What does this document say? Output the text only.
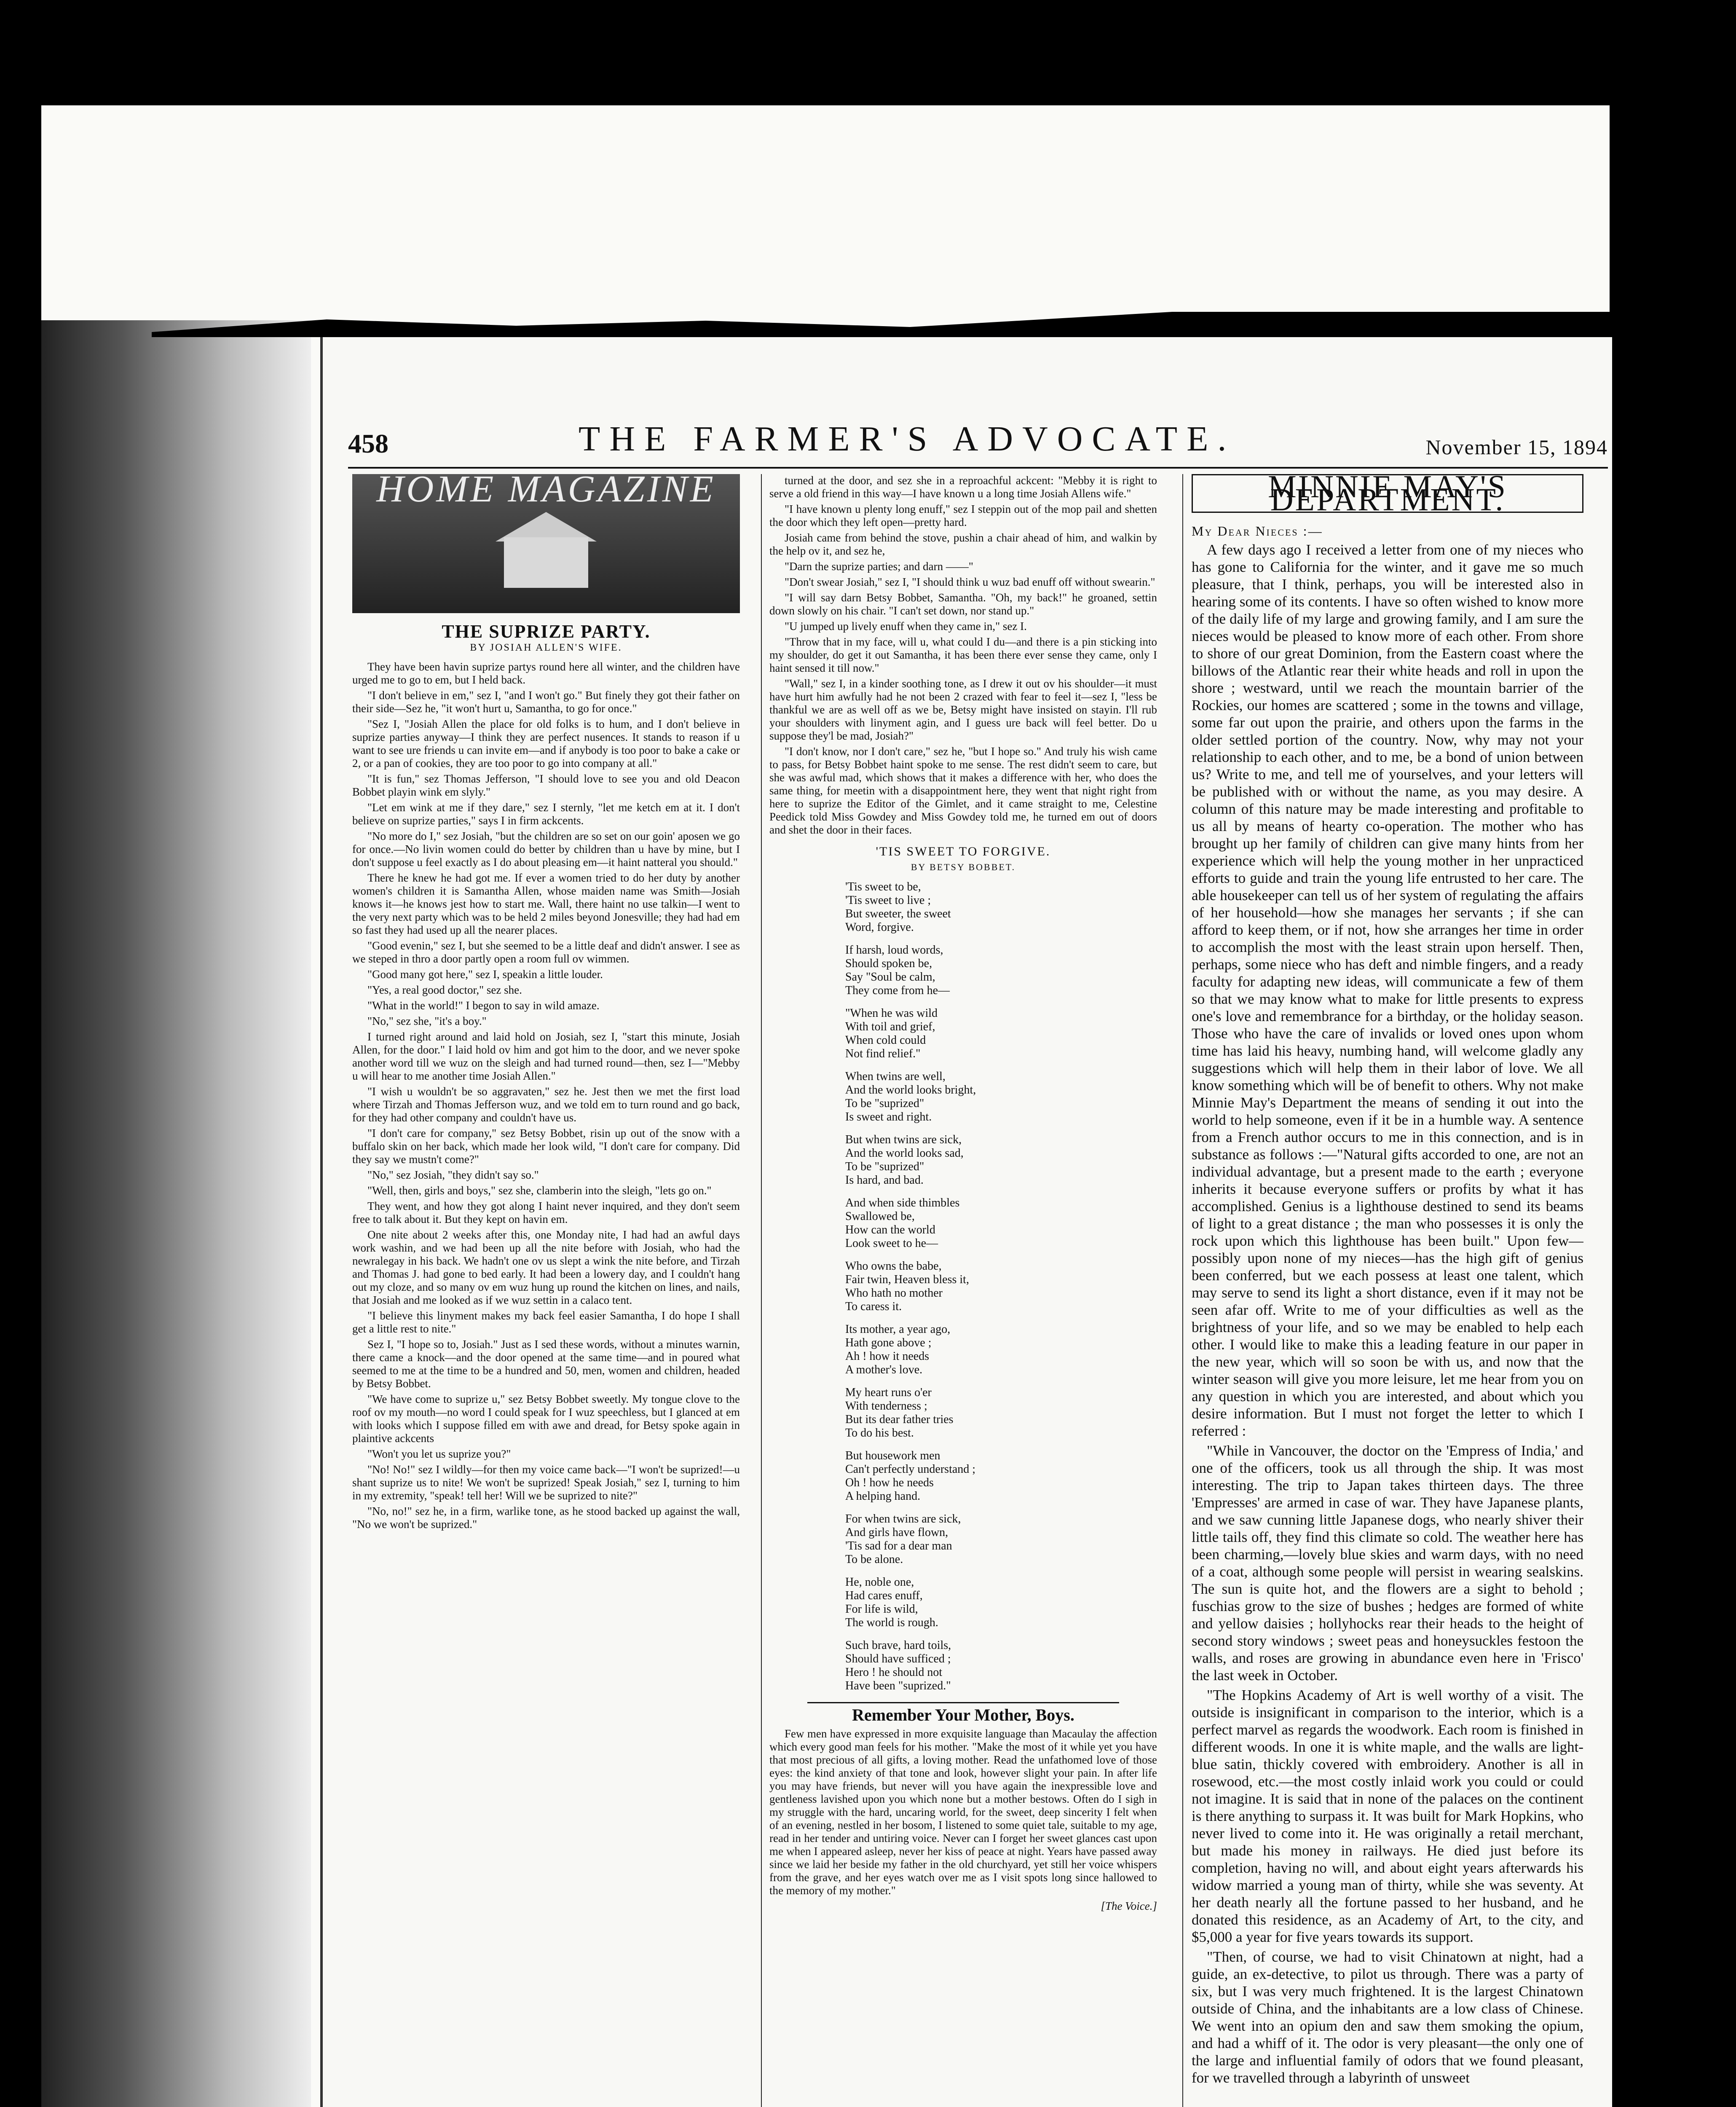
458	THE FARMER'S ADVOCATE.	November 15, 1894
HOME MAGAZINE
THE SUPRIZE PARTY.
BY JOSIAH ALLEN'S WIFE.

They have been havin suprize partys round here all winter, and the children have urged me to go to em, but I held back.

"I don't believe in em," sez I, "and I won't go." But finely they got their father on their side—Sez he, "it won't hurt u, Samantha, to go for once."

"Sez I, "Josiah Allen the place for old folks is to hum, and I don't believe in suprize parties anyway—I think they are perfect nusences. It stands to reason if u want to see ure friends u can invite em—and if anybody is too poor to bake a cake or 2, or a pan of cookies, they are too poor to go into company at all."

"It is fun," sez Thomas Jefferson, "I should love to see you and old Deacon Bobbet playin wink em slyly."

"Let em wink at me if they dare," sez I sternly, "let me ketch em at it. I don't believe on suprize parties," says I in firm ackcents.

"No more do I," sez Josiah, "but the children are so set on our goin' aposen we go for once.—No livin women could do better by children than u have by mine, but I don't suppose u feel exactly as I do about pleasing em—it haint natteral you should."

There he knew he had got me. If ever a women tried to do her duty by another women's children it is Samantha Allen, whose maiden name was Smith—Josiah knows it—he knows jest how to start me. Wall, there haint no use talkin—I went to the very next party which was to be held 2 miles beyond Jonesville; they had had em so fast they had used up all the nearer places.

"Good evenin," sez I, but she seemed to be a little deaf and didn't answer. I see as we steped in thro a door partly open a room full ov wimmen.

"Good many got here," sez I, speakin a little louder.

"Yes, a real good doctor," sez she.

"What in the world!" I begon to say in wild amaze.

"No," sez she, "it's a boy."

I turned right around and laid hold on Josiah, sez I, "start this minute, Josiah Allen, for the door." I laid hold ov him and got him to the door, and we never spoke another word till we wuz on the sleigh and had turned round—then, sez I—"Mebby u will hear to me another time Josiah Allen."

"I wish u wouldn't be so aggravaten," sez he. Jest then we met the first load where Tirzah and Thomas Jefferson wuz, and we told em to turn round and go back, for they had other company and couldn't have us.

"I don't care for company," sez Betsy Bobbet, risin up out of the snow with a buffalo skin on her back, which made her look wild, "I don't care for company. Did they say we mustn't come?"

"No," sez Josiah, "they didn't say so."

"Well, then, girls and boys," sez she, clamberin into the sleigh, "lets go on."

They went, and how they got along I haint never inquired, and they don't seem free to talk about it. But they kept on havin em.

One nite about 2 weeks after this, one Monday nite, I had had an awful days work washin, and we had been up all the nite before with Josiah, who had the newralegay in his back. We hadn't one ov us slept a wink the nite before, and Tirzah and Thomas J. had gone to bed early. It had been a lowery day, and I couldn't hang out my cloze, and so many ov em wuz hung up round the kitchen on lines, and nails, that Josiah and me looked as if we wuz settin in a calaco tent.

"I believe this linyment makes my back feel easier Samantha, I do hope I shall get a little rest to nite."

Sez I, "I hope so to, Josiah." Just as I sed these words, without a minutes warnin, there came a knock—and the door opened at the same time—and in poured what seemed to me at the time to be a hundred and 50, men, women and children, headed by Betsy Bobbet.

"We have come to suprize u," sez Betsy Bobbet sweetly. My tongue clove to the roof ov my mouth—no word I could speak for I wuz speechless, but I glanced at em with looks which I suppose filled em with awe and dread, for Betsy spoke again in plaintive ackcents

"Won't you let us suprize you?"

"No! No!" sez I wildly—for then my voice came back—"I won't be suprized!—u shant suprize us to nite! We won't be suprized! Speak Josiah," sez I, turning to him in my extremity, "speak! tell her! Will we be suprized to nite?"

"No, no!" sez he, in a firm, warlike tone, as he stood backed up against the wall, "No we won't be suprized."

turned at the door, and sez she in a reproachful ackcent: "Mebby it is right to serve a old friend in this way—I have known u a long time Josiah Allens wife."

"I have known u plenty long enuff," sez I steppin out of the mop pail and shetten the door which they left open—pretty hard.

Josiah came from behind the stove, pushin a chair ahead of him, and walkin by the help ov it, and sez he,

"Darn the suprize parties; and darn ——"

"Don't swear Josiah," sez I, "I should think u wuz bad enuff off without swearin."

"I will say darn Betsy Bobbet, Samantha. "Oh, my back!" he groaned, settin down slowly on his chair. "I can't set down, nor stand up."

"U jumped up lively enuff when they came in," sez I.

"Throw that in my face, will u, what could I du—and there is a pin sticking into my shoulder, do get it out Samantha, it has been there ever sense they came, only I haint sensed it till now."

"Wall," sez I, in a kinder soothing tone, as I drew it out ov his shoulder—it must have hurt him awfully had he not been 2 crazed with fear to feel it—sez I, "less be thankful we are as well off as we be, Betsy might have insisted on stayin. I'll rub your shoulders with linyment agin, and I guess ure back will feel better. Do u suppose they'l be mad, Josiah?"

"I don't know, nor I don't care," sez he, "but I hope so." And truly his wish came to pass, for Betsy Bobbet haint spoke to me sense. The rest didn't seem to care, but she was awful mad, which shows that it makes a difference with her, who does the same thing, for meetin with a disappointment here, they went that night right from here to suprize the Editor of the Gimlet, and it came straight to me, Celestine Peedick told Miss Gowdey and Miss Gowdey told me, he turned em out of doors and shet the door in their faces.

'TIS SWEET TO FORGIVE.
BY BETSY BOBBET.
'Tis sweet to be,
'Tis sweet to live ;
But sweeter, the sweet
Word, forgive.
If harsh, loud words,
Should spoken be,
Say "Soul be calm,
They come from he—
"When he was wild
With toil and grief,
When cold could
Not find relief."
When twins are well,
And the world looks bright,
To be "suprized"
Is sweet and right.
But when twins are sick,
And the world looks sad,
To be "suprized"
Is hard, and bad.
And when side thimbles
Swallowed be,
How can the world
Look sweet to he—
Who owns the babe,
Fair twin, Heaven bless it,
Who hath no mother
To caress it.
Its mother, a year ago,
Hath gone above ;
Ah ! how it needs
A mother's love.
My heart runs o'er
With tenderness ;
But its dear father tries
To do his best.
But housework men
Can't perfectly understand ;
Oh ! how he needs
A helping hand.
For when twins are sick,
And girls have flown,
'Tis sad for a dear man
To be alone.
He, noble one,
Had cares enuff,
For life is wild,
The world is rough.
Such brave, hard toils,
Should have sufficed ;
Hero ! he should not
Have been "suprized."
Remember Your Mother, Boys.

Few men have expressed in more exquisite language than Macaulay the affection which every good man feels for his mother. "Make the most of it while yet you have that most precious of all gifts, a loving mother. Read the unfathomed love of those eyes: the kind anxiety of that tone and look, however slight your pain. In after life you may have friends, but never will you have again the inexpressible love and gentleness lavished upon you which none but a mother bestows. Often do I sigh in my struggle with the hard, uncaring world, for the sweet, deep sincerity I felt when of an evening, nestled in her bosom, I listened to some quiet tale, suitable to my age, read in her tender and untiring voice. Never can I forget her sweet glances cast upon me when I appeared asleep, never her kiss of peace at night. Years have passed away since we laid her beside my father in the old churchyard, yet still her voice whispers from the grave, and her eyes watch over me as I visit spots long since hallowed to the memory of my mother."

[The Voice.]
MINNIE MAY'S DEPARTMENT.
My Dear Nieces :—

A few days ago I received a letter from one of my nieces who has gone to California for the winter, and it gave me so much pleasure, that I think, perhaps, you will be interested also in hearing some of its contents. I have so often wished to know more of the daily life of my large and growing family, and I am sure the nieces would be pleased to know more of each other. From shore to shore of our great Dominion, from the Eastern coast where the billows of the Atlantic rear their white heads and roll in upon the shore ; westward, until we reach the mountain barrier of the Rockies, our homes are scattered ; some in the towns and village, some far out upon the prairie, and others upon the farms in the older settled portion of the country. Now, why may not your relationship to each other, and to me, be a bond of union between us? Write to me, and tell me of yourselves, and your letters will be published with or without the name, as you may desire. A column of this nature may be made interesting and profitable to us all by means of hearty co-operation. The mother who has brought up her family of children can give many hints from her experience which will help the young mother in her unpracticed efforts to guide and train the young life entrusted to her care. The able housekeeper can tell us of her system of regulating the affairs of her household—how she manages her servants ; if she can afford to keep them, or if not, how she arranges her time in order to accomplish the most with the least strain upon herself. Then, perhaps, some niece who has deft and nimble fingers, and a ready faculty for adapting new ideas, will communicate a few of them so that we may know what to make for little presents to express one's love and remembrance for a birthday, or the holiday season. Those who have the care of invalids or loved ones upon whom time has laid his heavy, numbing hand, will welcome gladly any suggestions which will help them in their labor of love. We all know something which will be of benefit to others. Why not make Minnie May's Department the means of sending it out into the world to help someone, even if it be in a humble way. A sentence from a French author occurs to me in this connection, and is in substance as follows :—"Natural gifts accorded to one, are not an individual advantage, but a present made to the earth ; everyone inherits it because everyone suffers or profits by what it has accomplished. Genius is a lighthouse destined to send its beams of light to a great distance ; the man who possesses it is only the rock upon which this lighthouse has been built." Upon few—possibly upon none of my nieces—has the high gift of genius been conferred, but we each possess at least one talent, which may serve to send its light a short distance, even if it may not be seen afar off. Write to me of your difficulties as well as the brightness of your life, and so we may be enabled to help each other. I would like to make this a leading feature in our paper in the new year, which will so soon be with us, and now that the winter season will give you more leisure, let me hear from you on any question in which you are interested, and about which you desire information. But I must not forget the letter to which I referred :

"While in Vancouver, the doctor on the 'Empress of India,' and one of the officers, took us all through the ship. It was most interesting. The trip to Japan takes thirteen days. The three 'Empresses' are armed in case of war. They have Japanese plants, and we saw cunning little Japanese dogs, who nearly shiver their little tails off, they find this climate so cold. The weather here has been charming,—lovely blue skies and warm days, with no need of a coat, although some people will persist in wearing sealskins. The sun is quite hot, and the flowers are a sight to behold ; fuschias grow to the size of bushes ; hedges are formed of white and yellow daisies ; hollyhocks rear their heads to the height of second story windows ; sweet peas and honeysuckles festoon the walls, and roses are growing in abundance even here in 'Frisco' the last week in October.

"The Hopkins Academy of Art is well worthy of a visit. The outside is insignificant in comparison to the interior, which is a perfect marvel as regards the woodwork. Each room is finished in different woods. In one it is white maple, and the walls are light-blue satin, thickly covered with embroidery. Another is all in rosewood, etc.—the most costly inlaid work you could or could not imagine. It is said that in none of the palaces on the continent is there anything to surpass it. It was built for Mark Hopkins, who never lived to come into it. He was originally a retail merchant, but made his money in railways. He died just before its completion, having no will, and about eight years afterwards his widow married a young man of thirty, while she was seventy. At her death nearly all the fortune passed to her husband, and he donated this residence, as an Academy of Art, to the city, and $5,000 a year for five years towards its support.

"Then, of course, we had to visit Chinatown at night, had a guide, an ex-detective, to pilot us through. There was a party of six, but I was very much frightened. It is the largest Chinatown outside of China, and the inhabitants are a low class of Chinese. We went into an opium den and saw them smoking the opium, and had a whiff of it. The odor is very pleasant—the only one of the large and influential family of odors that we found pleasant, for we travelled through a labyrinth of unsweet
